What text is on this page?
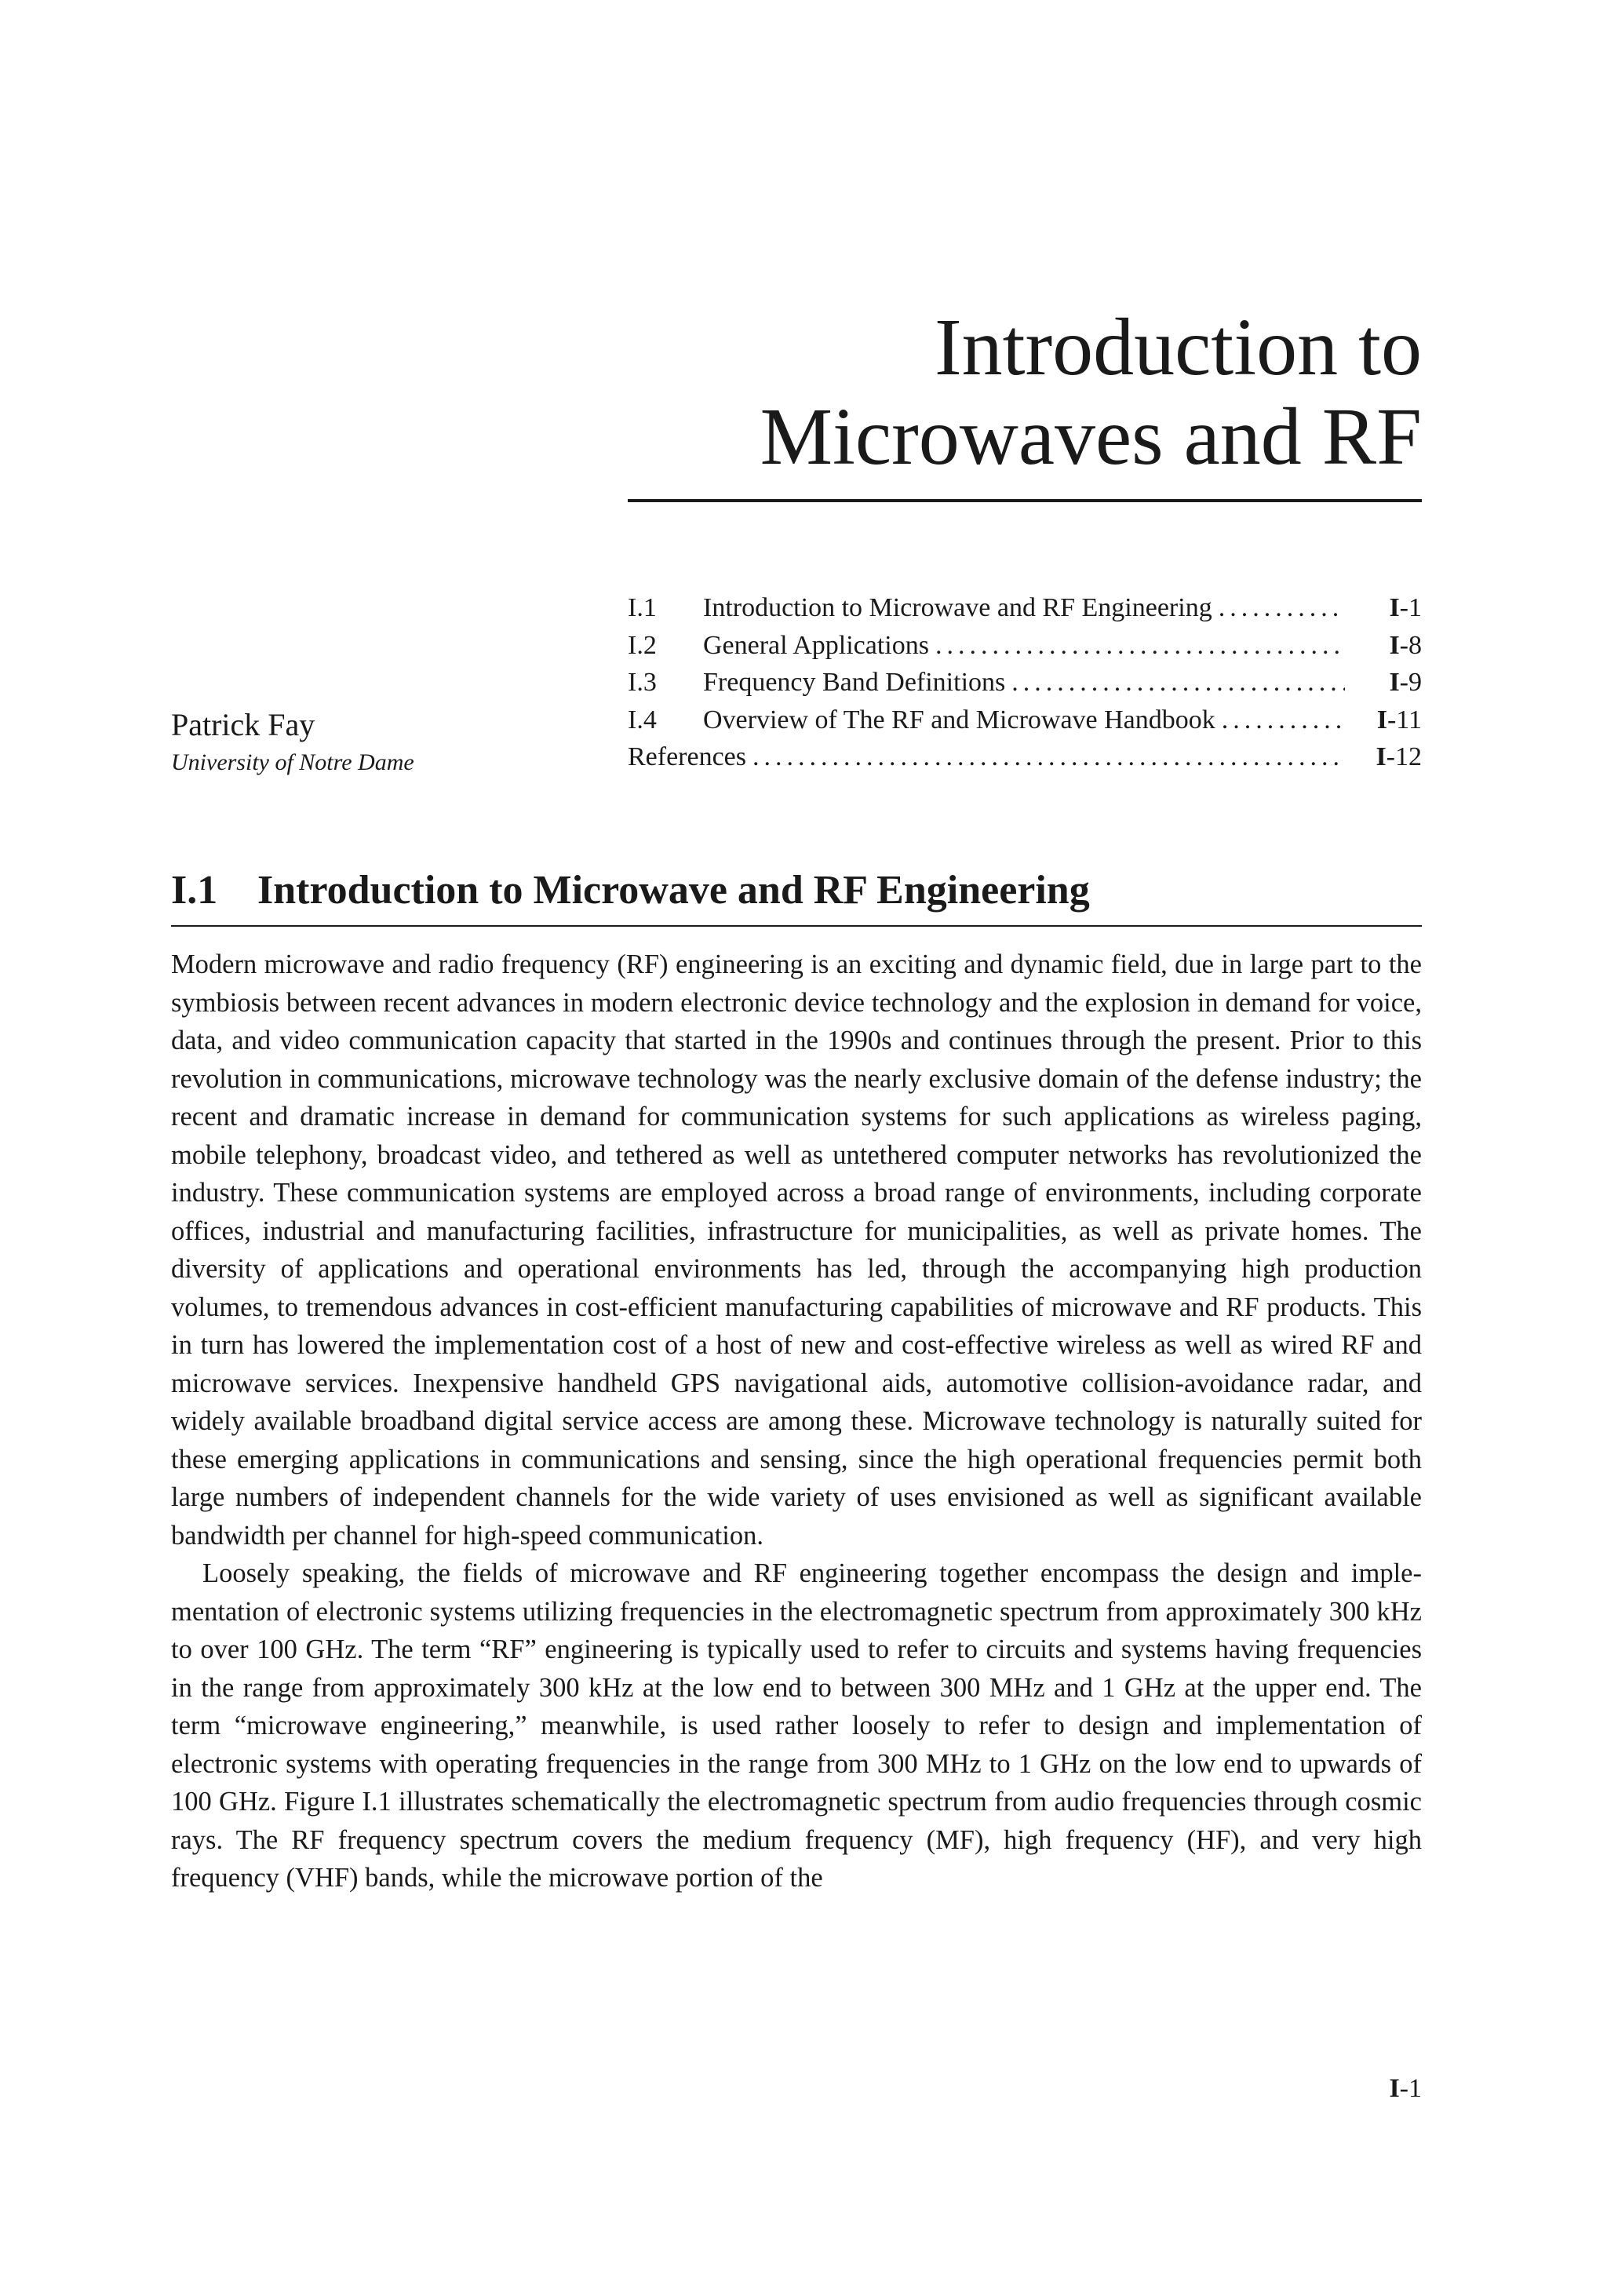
Introduction to
Microwaves and RF
Patrick Fay
University of Notre Dame
I.1	Introduction to Microwave and RF Engineering .....	I-1
I.2	General Applications .....	I-8
I.3	Frequency Band Definitions .....	I-9
I.4	Overview of The RF and Microwave Handbook .....	I-11
References .....	I-12
I.1 Introduction to Microwave and RF Engineering

Modern microwave and radio frequency (RF) engineering is an exciting and dynamic field, due in large part to the symbiosis between recent advances in modern electronic device technology and the explosion in demand for voice, data, and video communication capacity that started in the 1990s and continues through the present. Prior to this revolution in communications, microwave technology was the nearly exclusive domain of the defense industry; the recent and dramatic increase in demand for communication systems for such applications as wireless paging, mobile telephony, broadcast video, and tethered as well as untethered computer networks has revolutionized the industry. These communication systems are employed across a broad range of environments, including corporate offices, industrial and manufacturing facilities, infrastructure for municipalities, as well as private homes. The diversity of applications and operational environments has led, through the accompanying high production volumes, to tremendous advances in cost-efficient manufacturing capabilities of microwave and RF products. This in turn has lowered the implementation cost of a host of new and cost-effective wireless as well as wired RF and microwave services. Inexpensive handheld GPS navigational aids, automotive collision-avoidance radar, and widely available broadband digital service access are among these. Microwave technology is naturally suited for these emerging applications in communications and sensing, since the high operational frequencies permit both large numbers of independent channels for the wide variety of uses envisioned as well as significant available bandwidth per channel for high-speed communication.

Loosely speaking, the fields of microwave and RF engineering together encompass the design and implementation of electronic systems utilizing frequencies in the electromagnetic spectrum from approximately 300 kHz to over 100 GHz. The term “RF” engineering is typically used to refer to circuits and systems having frequencies in the range from approximately 300 kHz at the low end to between 300 MHz and 1 GHz at the upper end. The term “microwave engineering,” meanwhile, is used rather loosely to refer to design and implementation of electronic systems with operating frequencies in the range from 300 MHz to 1 GHz on the low end to upwards of 100 GHz. Figure I.1 illustrates schematically the electromagnetic spectrum from audio frequencies through cosmic rays. The RF frequency spectrum covers the medium frequency (MF), high frequency (HF), and very high frequency (VHF) bands, while the microwave portion of the

I-1
